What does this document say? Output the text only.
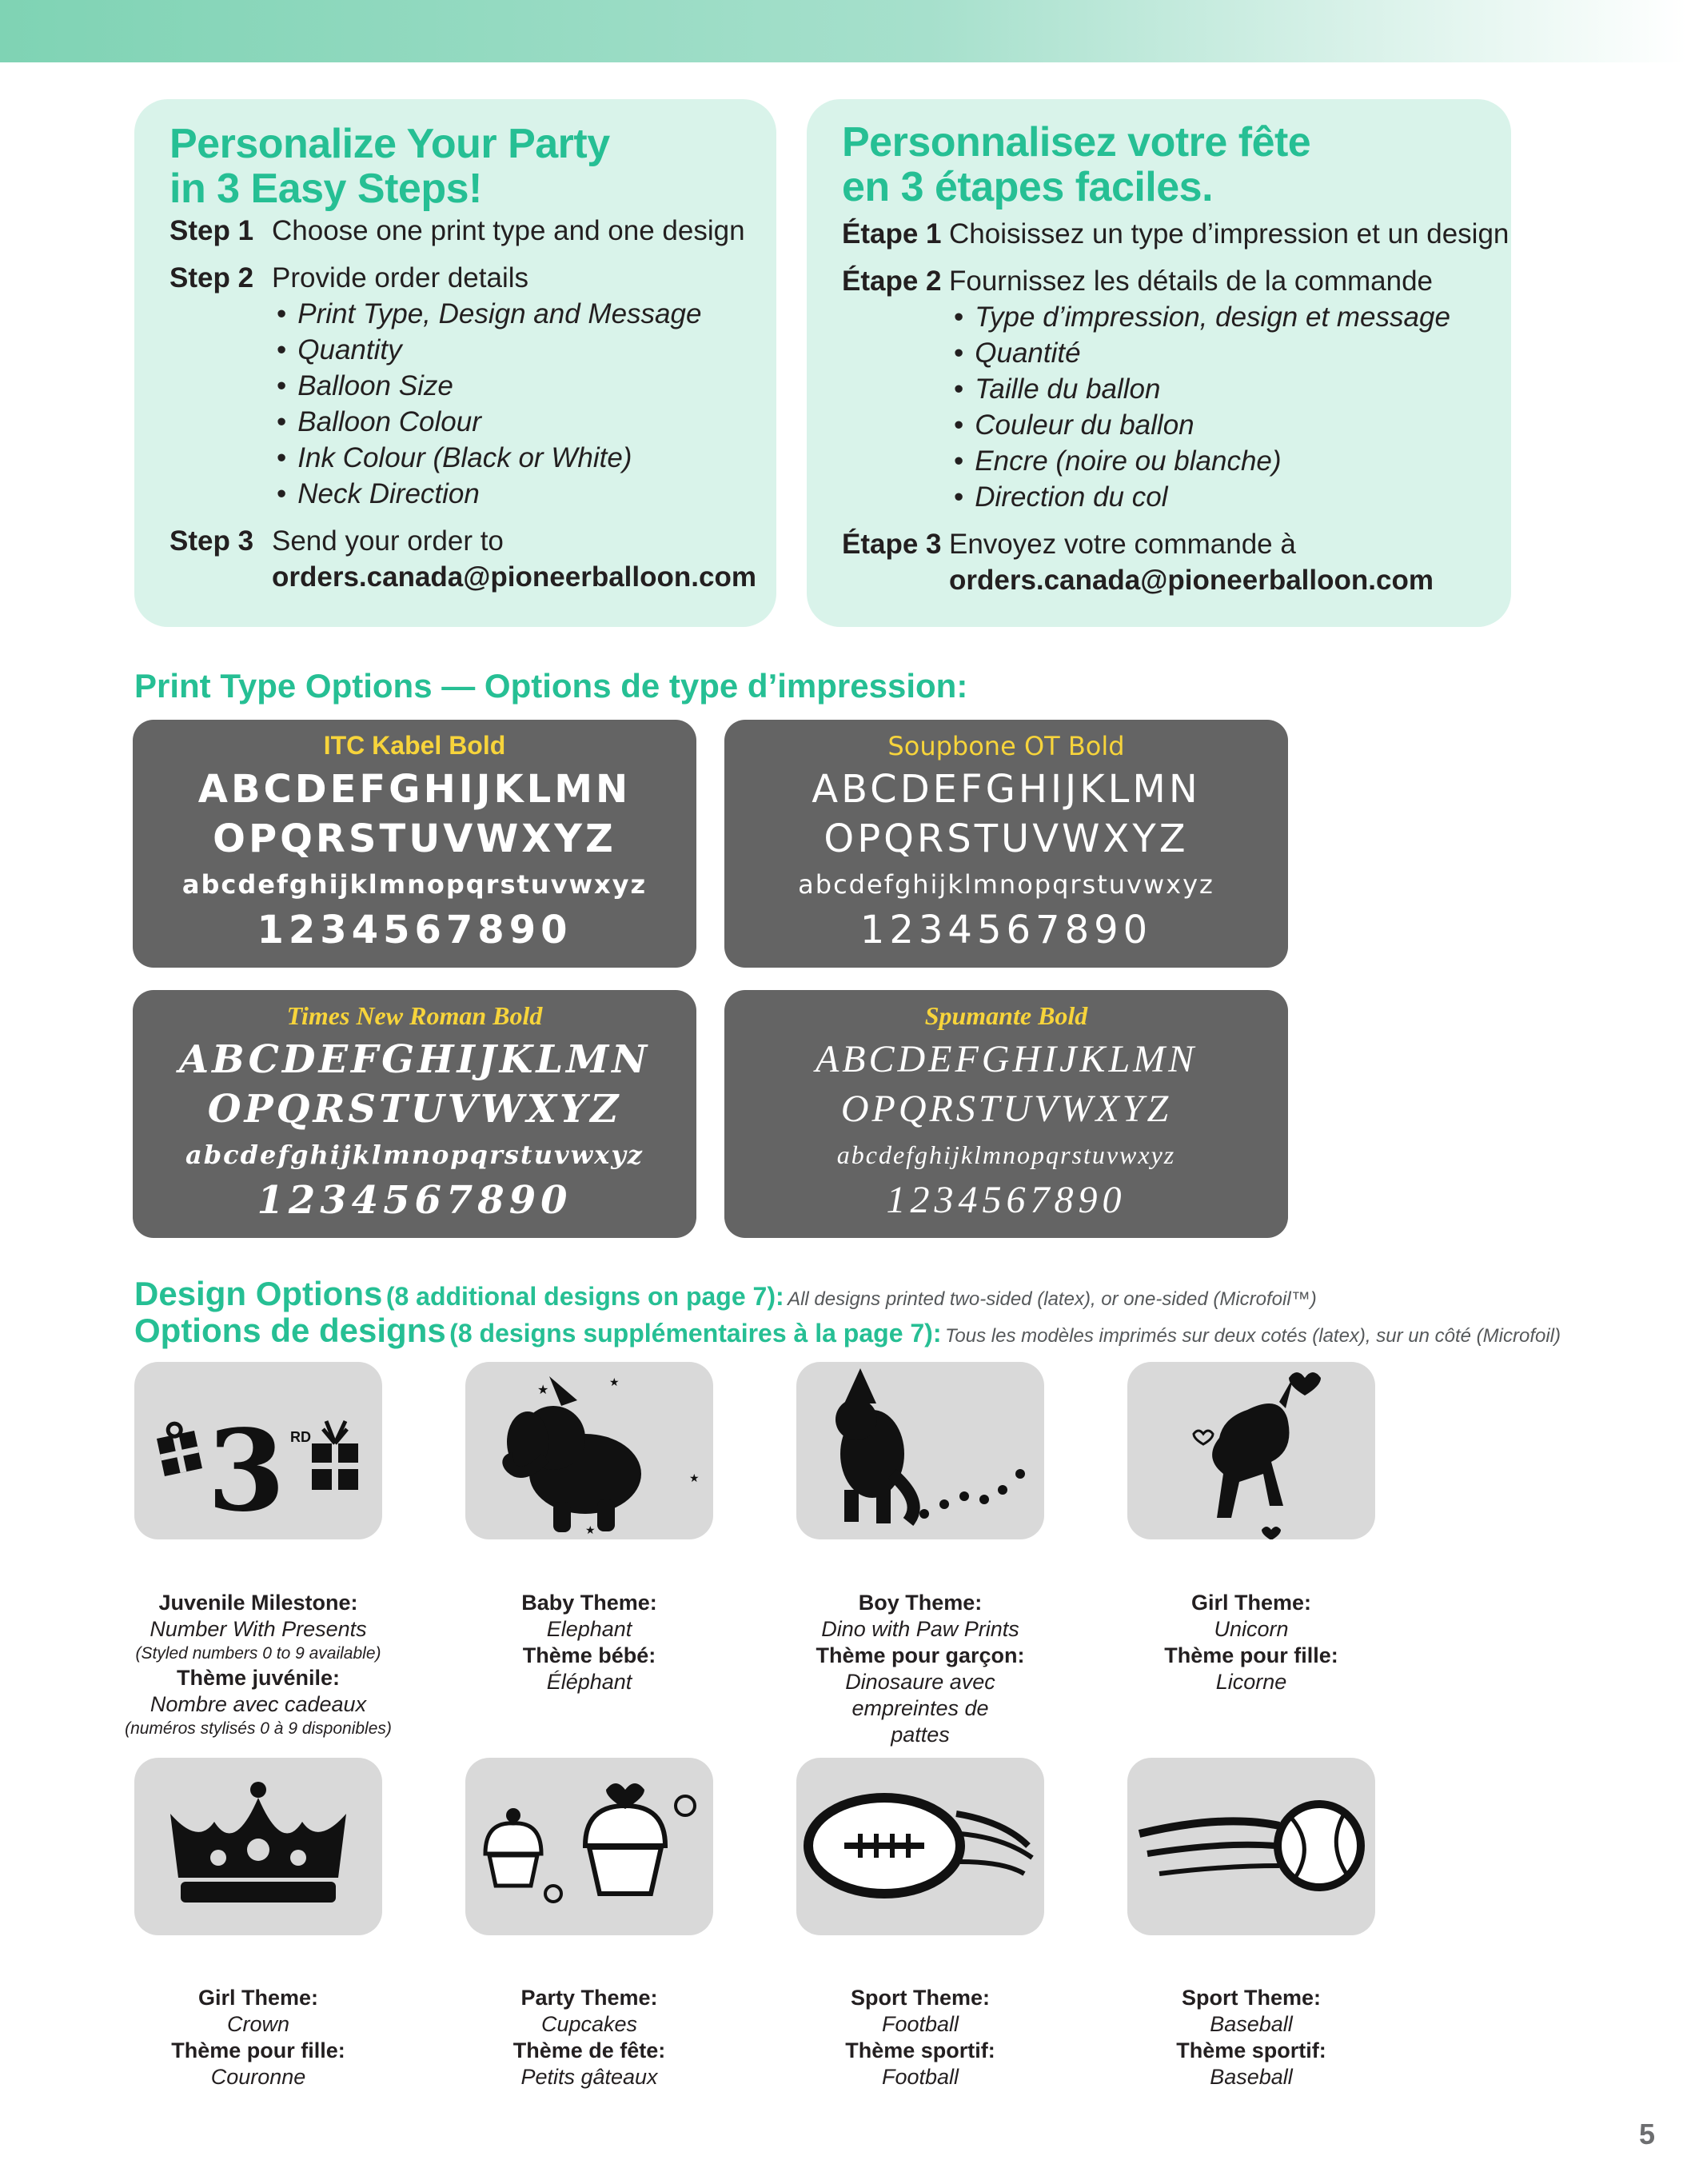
Personalize Your Party
in 3 Easy Steps!
Step 1 Choose one print type and one design
Step 2 Provide order details
• Print Type, Design and Message
• Quantity
• Balloon Size
• Balloon Colour
• Ink Colour (Black or White)
• Neck Direction
Step 3 Send your order to
orders.canada@pioneerballoon.com
Personnalisez votre fête
en 3 étapes faciles.
Étape 1 Choisissez un type d’impression et un design
Étape 2 Fournissez les détails de la commande
• Type d’impression, design et message
• Quantité
• Taille du ballon
• Couleur du ballon
• Encre (noire ou blanche)
• Direction du col
Étape 3 Envoyez votre commande à
orders.canada@pioneerballoon.com
Print Type Options — Options de type d’impression:
ITC Kabel Bold
ABCDEFGHIJKLMN
OPQRSTUVWXYZ
abcdefghijklmnopqrstuvwxyz
1234567890
Soupbone OT Bold
ABCDEFGHIJKLMN
OPQRSTUVWXYZ
abcdefghijklmnopqrstuvwxyz
1234567890
Times New Roman Bold
ABCDEFGHIJKLMN
OPQRSTUVWXYZ
abcdefghijklmnopqrstuvwxyz
1234567890
Spumante Bold
ABCDEFGHIJKLMN
OPQRSTUVWXYZ
abcdefghijklmnopqrstuvwxyz
1234567890
Design Options (8 additional designs on page 7): All designs printed two-sided (latex), or one-sided (Microfoil™)
Options de designs (8 designs supplémentaires à la page 7): Tous les modèles imprimés sur deux cotés (latex), sur un côté (Microfoil)
3 RD
★
★
★
★
Juvenile Milestone:
Number With Presents
(Styled numbers 0 to 9 available)
Thème juvénile:
Nombre avec cadeaux
(numéros stylisés 0 à 9 disponibles)
Baby Theme:
Elephant
Thème bébé:
Éléphant
Boy Theme:
Dino with Paw Prints
Thème pour garçon:
Dinosaure avec empreintes de pattes
Girl Theme:
Unicorn
Thème pour fille:
Licorne
Girl Theme:
Crown
Thème pour fille:
Couronne
Party Theme:
Cupcakes
Thème de fête:
Petits gâteaux
Sport Theme:
Football
Thème sportif:
Football
Sport Theme:
Baseball
Thème sportif:
Baseball
5
